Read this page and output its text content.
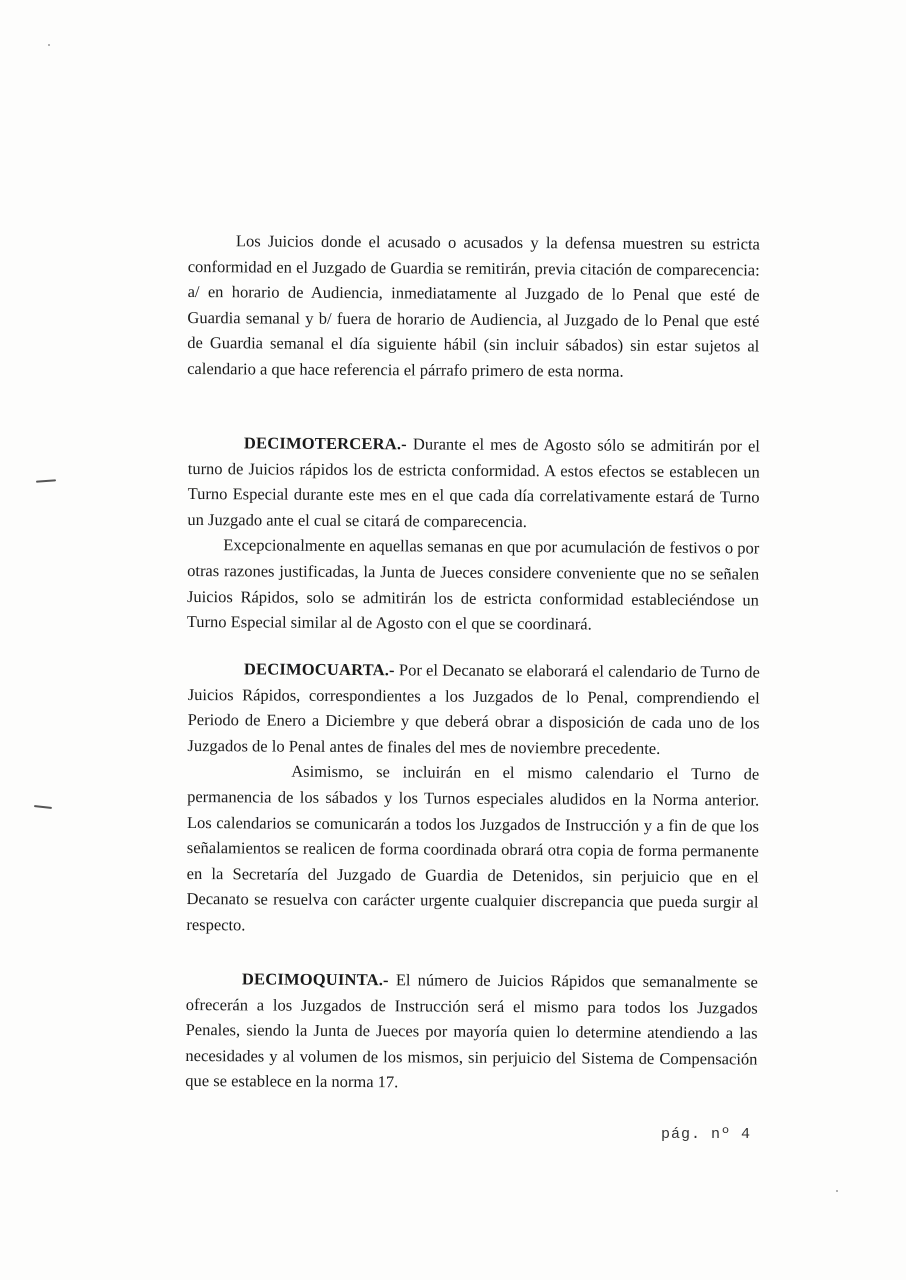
Los Juicios donde el acusado o acusados y la defensa muestren su estricta conformidad en el Juzgado de Guardia se remitirán, previa citación de comparecencia: a/ en horario de Audiencia, inmediatamente al Juzgado de lo Penal que esté de Guardia semanal y b/ fuera de horario de Audiencia, al Juzgado de lo Penal que esté de Guardia semanal el día siguiente hábil (sin incluir sábados) sin estar sujetos al calendario a que hace referencia el párrafo primero de esta norma.

DECIMOTERCERA.- Durante el mes de Agosto sólo se admitirán por el turno de Juicios rápidos los de estricta conformidad. A estos efectos se establecen un Turno Especial durante este mes en el que cada día correlativamente estará de Turno un Juzgado ante el cual se citará de comparecencia.

Excepcionalmente en aquellas semanas en que por acumulación de festivos o por otras razones justificadas, la Junta de Jueces considere conveniente que no se señalen Juicios Rápidos, solo se admitirán los de estricta conformidad estableciéndose un Turno Especial similar al de Agosto con el que se coordinará.

DECIMOCUARTA.- Por el Decanato se elaborará el calendario de Turno de Juicios Rápidos, correspondientes a los Juzgados de lo Penal, comprendiendo el Periodo de Enero a Diciembre y que deberá obrar a disposición de cada uno de los Juzgados de lo Penal antes de finales del mes de noviembre precedente.

Asimismo, se incluirán en el mismo calendario el Turno de permanencia de los sábados y los Turnos especiales aludidos en la Norma anterior. Los calendarios se comunicarán a todos los Juzgados de Instrucción y a fin de que los señalamientos se realicen de forma coordinada obrará otra copia de forma permanente en la Secretaría del Juzgado de Guardia de Detenidos, sin perjuicio que en el Decanato se resuelva con carácter urgente cualquier discrepancia que pueda surgir al respecto.

DECIMOQUINTA.- El número de Juicios Rápidos que semanalmente se ofrecerán a los Juzgados de Instrucción será el mismo para todos los Juzgados Penales, siendo la Junta de Jueces por mayoría quien lo determine atendiendo a las necesidades y al volumen de los mismos, sin perjuicio del Sistema de Compensación que se establece en la norma 17.

pág. nº 4
